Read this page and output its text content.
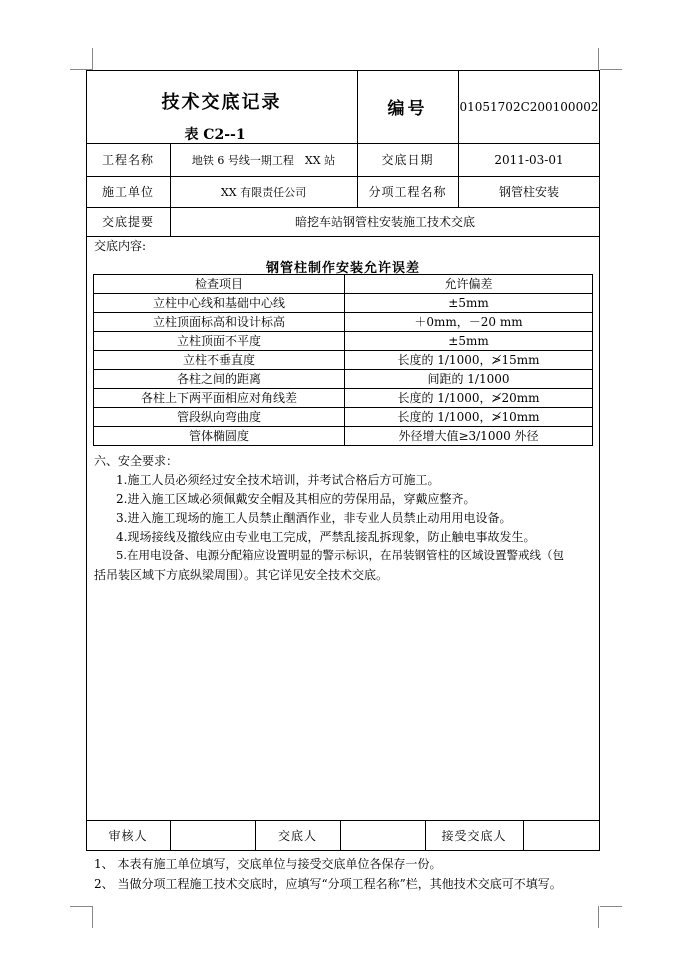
技术交底记录
表 C2--1
编号	01051702C200100002
工程名称	地铁 6 号线一期工程　XX 站	交底日期	2011-03-01
施工单位	XX 有限责任公司	分项工程名称	钢管柱安装
交底提要	暗挖车站钢管柱安装施工技术交底
交底内容:
钢管柱制作安装允许误差
检查项目	允许偏差
立柱中心线和基础中心线	±5mm
立柱顶面标高和设计标高	＋0mm，－20 mm
立柱顶面不平度	±5mm
立柱不垂直度	长度的 1/1000，≯15mm
各柱之间的距离	间距的 1/1000
各柱上下两平面相应对角线差	长度的 1/1000，≯20mm
管段纵向弯曲度	长度的 1/1000，≯10mm
管体椭圆度	外径增大值≥3/1000 外径
六、安全要求：
1.施工人员必须经过安全技术培训，并考试合格后方可施工。
2.进入施工区域必须佩戴安全帽及其相应的劳保用品，穿戴应整齐。
3.进入施工现场的施工人员禁止酗酒作业，非专业人员禁止动用用电设备。
4.现场接线及撤线应由专业电工完成，严禁乱接乱拆现象，防止触电事故发生。
5.在用电设备、电源分配箱应设置明显的警示标识，在吊装钢管柱的区域设置警戒线（包
括吊装区域下方底纵梁周围）。其它详见安全技术交底。
审核人	交底人	接受交底人
1、 本表有施工单位填写，交底单位与接受交底单位各保存一份。
2、 当做分项工程施工技术交底时，应填写“分项工程名称”栏，其他技术交底可不填写。
